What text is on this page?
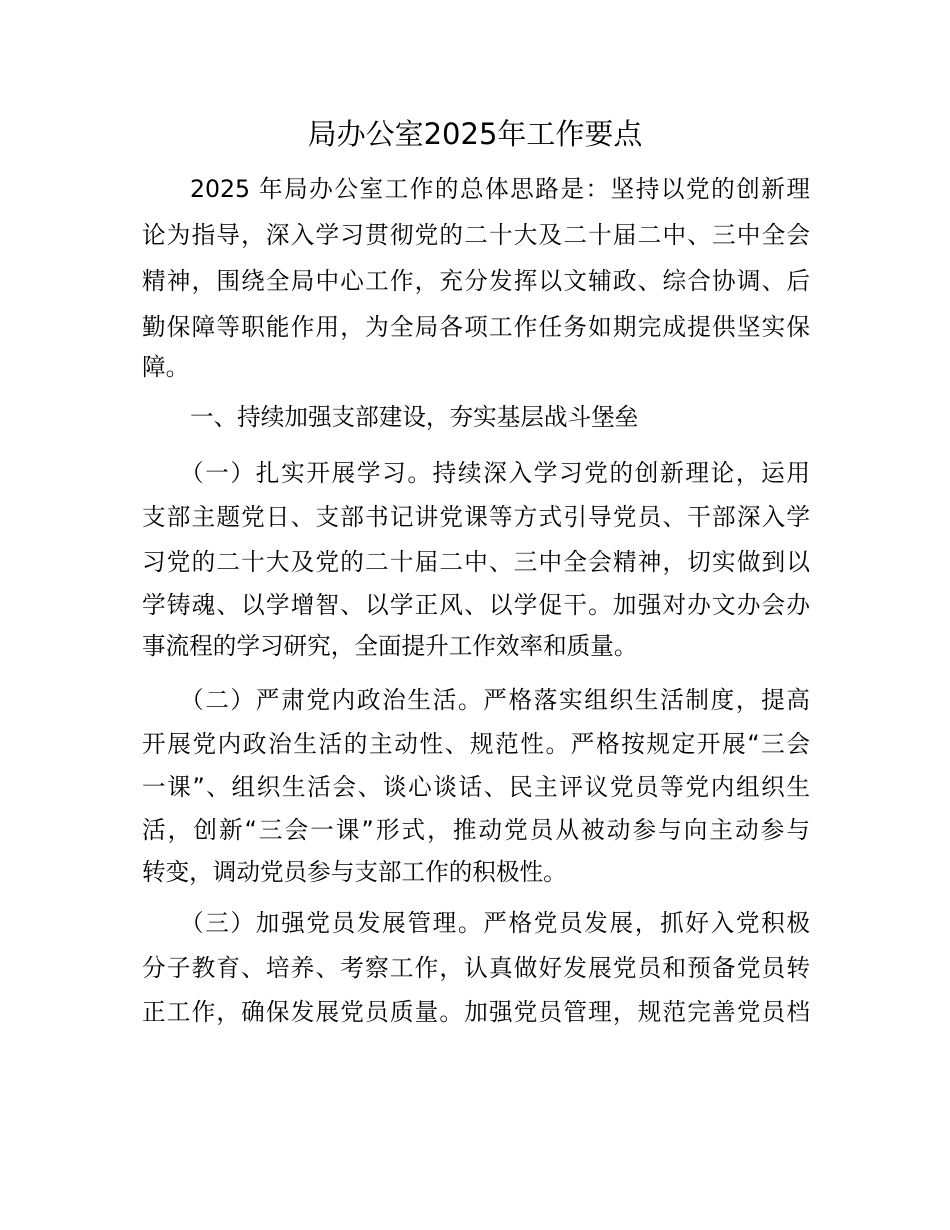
局办公室2025年工作要点
2025 年局办公室工作的总体思路是：坚持以党的创新理
论为指导，深入学习贯彻党的二十大及二十届二中、三中全会
精神，围绕全局中心工作，充分发挥以文辅政、综合协调、后
勤保障等职能作用，为全局各项工作任务如期完成提供坚实保
障。
一、持续加强支部建设，夯实基层战斗堡垒
（一）扎实开展学习。持续深入学习党的创新理论，运用
支部主题党日、支部书记讲党课等方式引导党员、干部深入学
习党的二十大及党的二十届二中、三中全会精神，切实做到以
学铸魂、以学增智、以学正风、以学促干。加强对办文办会办
事流程的学习研究，全面提升工作效率和质量。
（二）严肃党内政治生活。严格落实组织生活制度，提高
开展党内政治生活的主动性、规范性。严格按规定开展“三会
一课”、组织生活会、谈心谈话、民主评议党员等党内组织生
活，创新“三会一课”形式，推动党员从被动参与向主动参与
转变，调动党员参与支部工作的积极性。
（三）加强党员发展管理。严格党员发展，抓好入党积极
分子教育、培养、考察工作，认真做好发展党员和预备党员转
正工作，确保发展党员质量。加强党员管理，规范完善党员档
